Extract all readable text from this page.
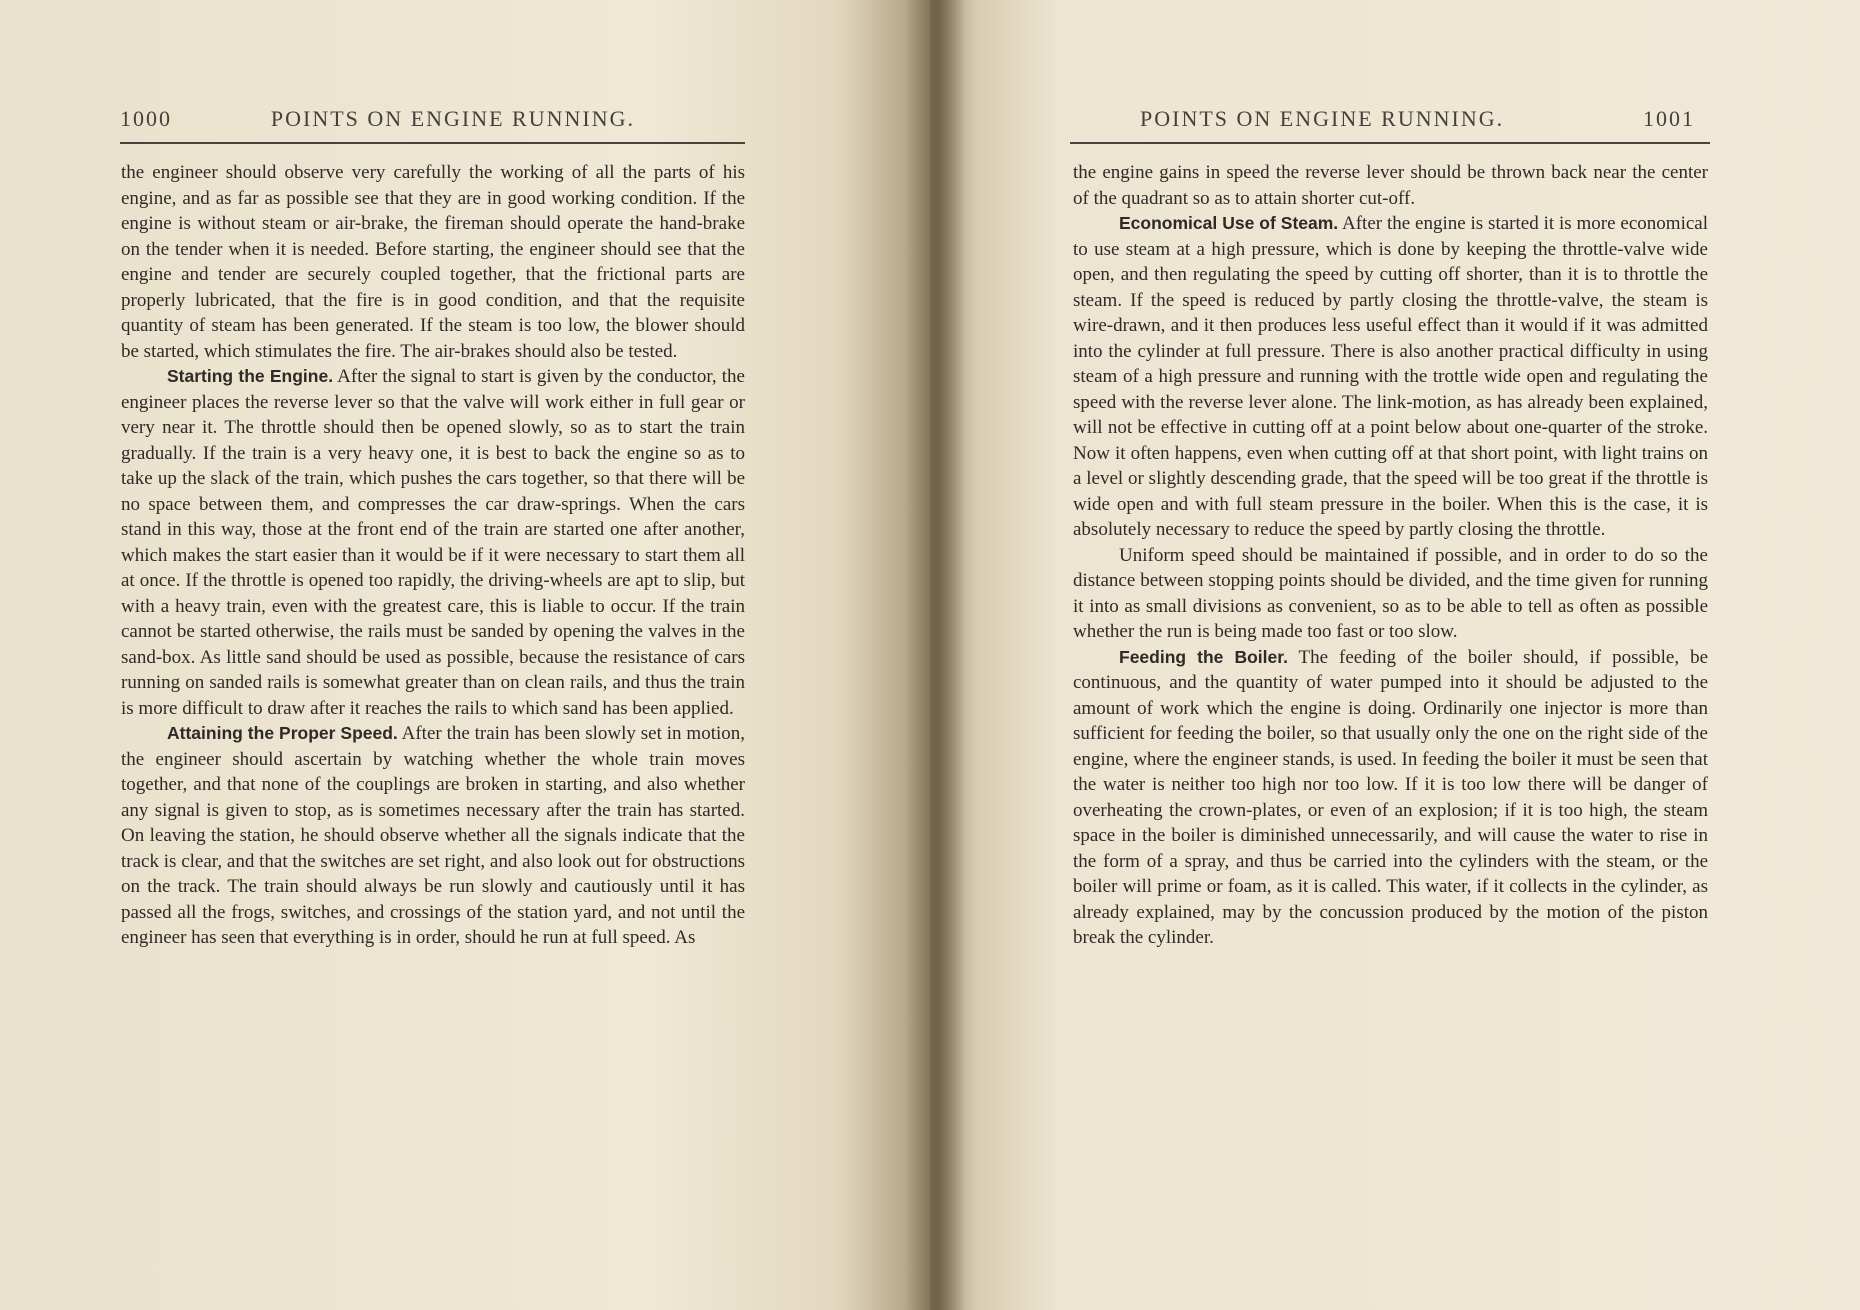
1000	POINTS ON ENGINE RUNNING.

the engineer should observe very carefully the working of all the parts of his engine, and as far as possible see that they are in good working condition. If the engine is without steam or air-brake, the fireman should operate the hand-brake on the tender when it is needed. Before starting, the engineer should see that the engine and tender are securely coupled together, that the frictional parts are properly lubricated, that the fire is in good condition, and that the requisite quantity of steam has been generated. If the steam is too low, the blower should be started, which stimulates the fire. The air-brakes should also be tested.

Starting the Engine. After the signal to start is given by the conductor, the engineer places the reverse lever so that the valve will work either in full gear or very near it. The throttle should then be opened slowly, so as to start the train gradually. If the train is a very heavy one, it is best to back the engine so as to take up the slack of the train, which pushes the cars together, so that there will be no space between them, and compresses the car draw-springs. When the cars stand in this way, those at the front end of the train are started one after another, which makes the start easier than it would be if it were necessary to start them all at once. If the throttle is opened too rapidly, the driving-wheels are apt to slip, but with a heavy train, even with the greatest care, this is liable to occur. If the train cannot be started otherwise, the rails must be sanded by opening the valves in the sand-box. As little sand should be used as possible, because the resistance of cars running on sanded rails is somewhat greater than on clean rails, and thus the train is more difficult to draw after it reaches the rails to which sand has been applied.

Attaining the Proper Speed. After the train has been slowly set in motion, the engineer should ascertain by watching whether the whole train moves together, and that none of the couplings are broken in starting, and also whether any signal is given to stop, as is sometimes necessary after the train has started. On leaving the station, he should observe whether all the signals indicate that the track is clear, and that the switches are set right, and also look out for obstructions on the track. The train should always be run slowly and cautiously until it has passed all the frogs, switches, and crossings of the station yard, and not until the engineer has seen that everything is in order, should he run at full speed. As

POINTS ON ENGINE RUNNING.	1001

the engine gains in speed the reverse lever should be thrown back near the center of the quadrant so as to attain shorter cut-off.

Economical Use of Steam. After the engine is started it is more economical to use steam at a high pressure, which is done by keeping the throttle-valve wide open, and then regulating the speed by cutting off shorter, than it is to throttle the steam. If the speed is reduced by partly closing the throttle-valve, the steam is wire-drawn, and it then produces less useful effect than it would if it was admitted into the cylinder at full pressure. There is also another practical difficulty in using steam of a high pressure and running with the trottle wide open and regulating the speed with the reverse lever alone. The link-motion, as has already been explained, will not be effective in cutting off at a point below about one-quarter of the stroke. Now it often happens, even when cutting off at that short point, with light trains on a level or slightly descending grade, that the speed will be too great if the throttle is wide open and with full steam pressure in the boiler. When this is the case, it is absolutely necessary to reduce the speed by partly closing the throttle.

Uniform speed should be maintained if possible, and in order to do so the distance between stopping points should be divided, and the time given for running it into as small divisions as convenient, so as to be able to tell as often as possible whether the run is being made too fast or too slow.

Feeding the Boiler. The feeding of the boiler should, if possible, be continuous, and the quantity of water pumped into it should be adjusted to the amount of work which the engine is doing. Ordinarily one injector is more than sufficient for feeding the boiler, so that usually only the one on the right side of the engine, where the engineer stands, is used. In feeding the boiler it must be seen that the water is neither too high nor too low. If it is too low there will be danger of overheating the crown-plates, or even of an explosion; if it is too high, the steam space in the boiler is diminished unnecessarily, and will cause the water to rise in the form of a spray, and thus be carried into the cylinders with the steam, or the boiler will prime or foam, as it is called. This water, if it collects in the cylinder, as already explained, may by the concussion produced by the motion of the piston break the cylinder.
